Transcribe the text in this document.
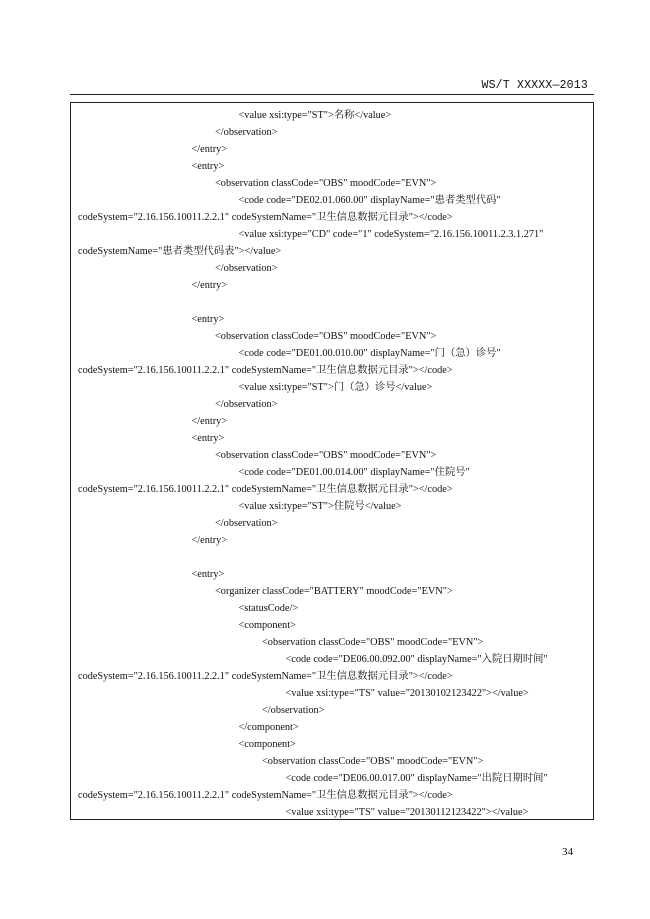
WS/T XXXXX—2013
<value xsi:type="ST">名称</value>
</observation>
</entry>
<entry>
<observation classCode="OBS" moodCode="EVN">
<code code="DE02.01.060.00" displayName="患者类型代码"
codeSystem="2.16.156.10011.2.2.1" codeSystemName="卫生信息数据元目录"></code>
<value xsi:type="CD" code="1" codeSystem="2.16.156.10011.2.3.1.271"
codeSystemName="患者类型代码表"></value>
</observation>
</entry>
<entry>
<observation classCode="OBS" moodCode="EVN">
<code code="DE01.00.010.00" displayName="门（急）诊号"
codeSystem="2.16.156.10011.2.2.1" codeSystemName="卫生信息数据元目录"></code>
<value xsi:type="ST">门（急）诊号</value>
</observation>
</entry>
<entry>
<observation classCode="OBS" moodCode="EVN">
<code code="DE01.00.014.00" displayName="住院号"
codeSystem="2.16.156.10011.2.2.1" codeSystemName="卫生信息数据元目录"></code>
<value xsi:type="ST">住院号</value>
</observation>
</entry>
<entry>
<organizer classCode="BATTERY" moodCode="EVN">
<statusCode/>
<component>
<observation classCode="OBS" moodCode="EVN">
<code code="DE06.00.092.00" displayName="入院日期时间"
codeSystem="2.16.156.10011.2.2.1" codeSystemName="卫生信息数据元目录"></code>
<value xsi:type="TS" value="20130102123422"></value>
</observation>
</component>
<component>
<observation classCode="OBS" moodCode="EVN">
<code code="DE06.00.017.00" displayName="出院日期时间"
codeSystem="2.16.156.10011.2.2.1" codeSystemName="卫生信息数据元目录"></code>
<value xsi:type="TS" value="20130112123422"></value>
34
